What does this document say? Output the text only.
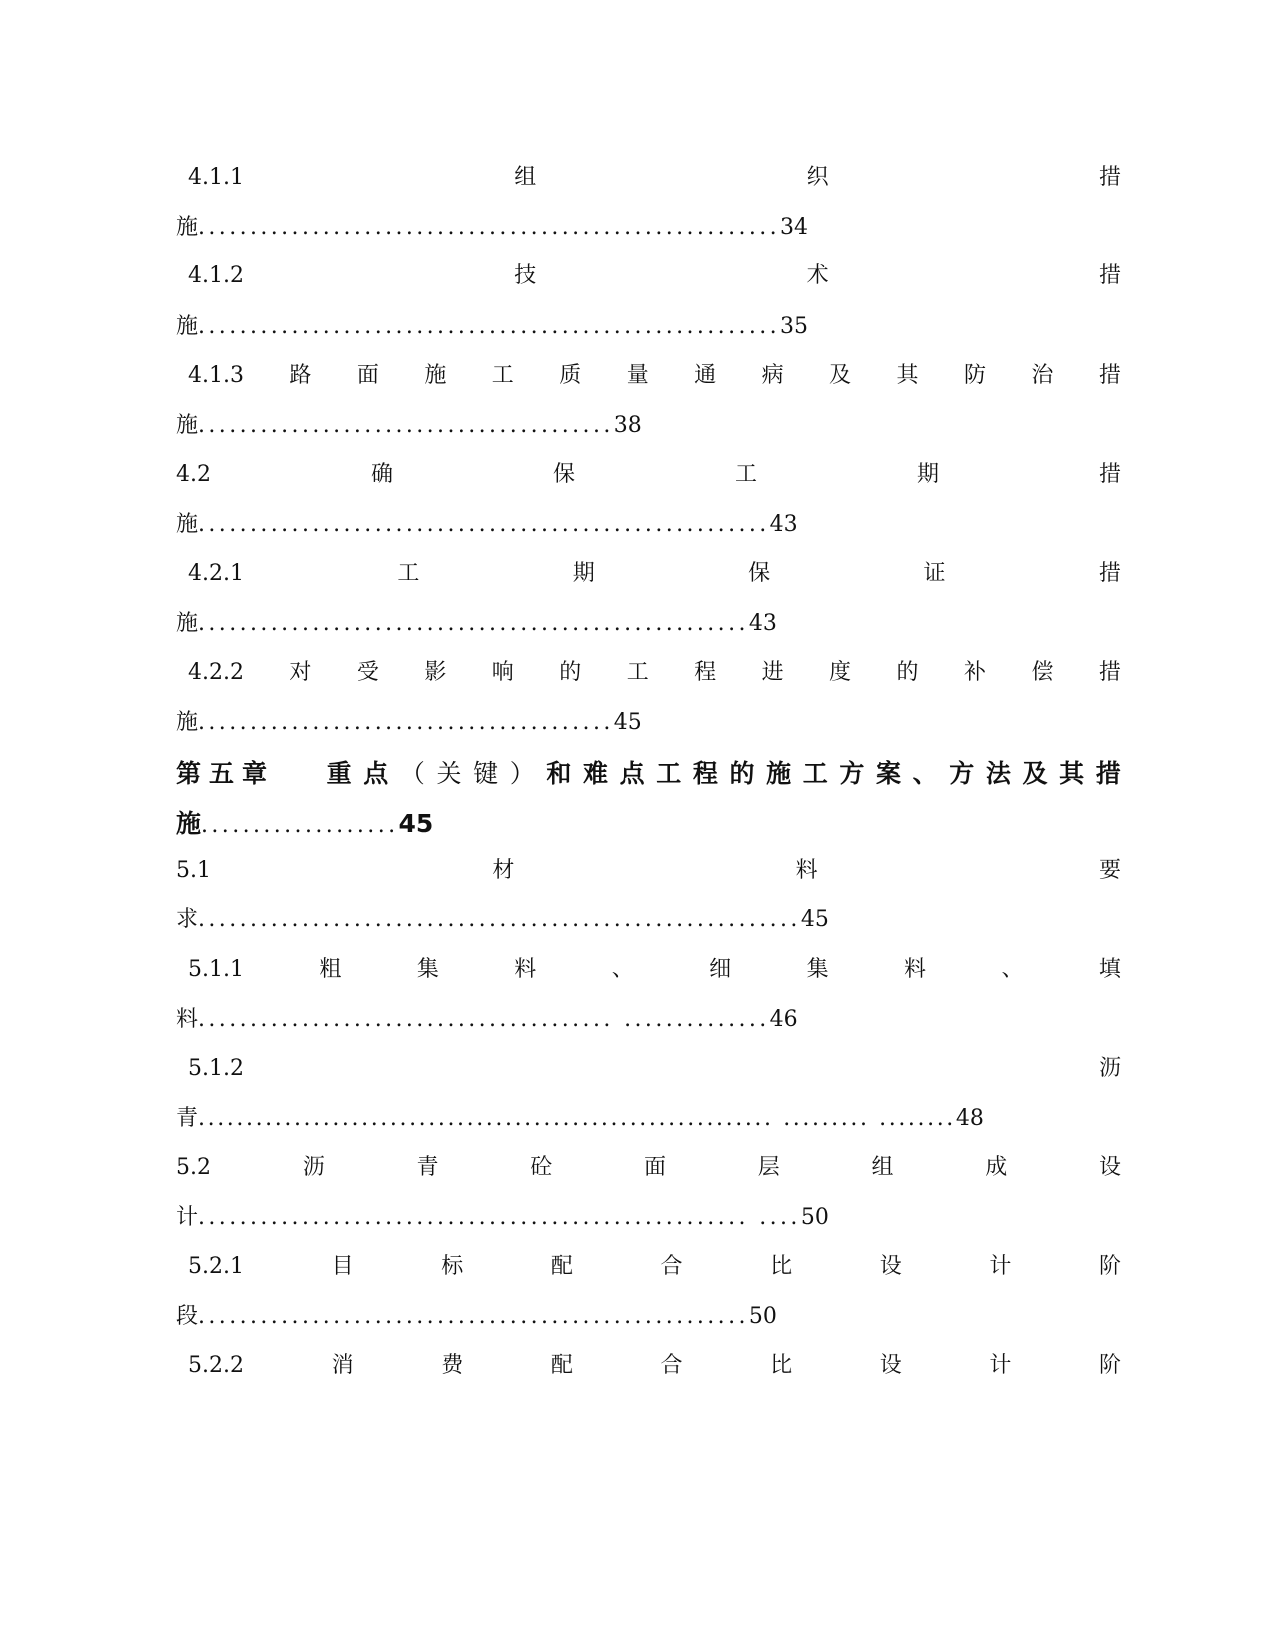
4.1.1	组	织	措
施........................................................34
4.1.2	技	术	措
施........................................................35
4.1.3 路 面 施 工 质 量 通 病 及 其 防 治 措
施........................................38
4.2	确	保	工	期	措
施.......................................................43
4.2.1	工	期	保	证	措
施.....................................................43
4.2.2 对 受 影 响 的 工 程 进 度 的 补 偿 措
施........................................45
第五章 重 点 （ 关 键 ） 和 难 点 工 程 的 施 工 方 案 、 方 法 及 其 措
施...................45
5.1	材	料	要
求..........................................................45
5.1.1	粗	集	料	、	细	集	料	、	填
料........................................ ..............46
5.1.2	沥
青............................................................ ......... ........48
5.2	沥	青	砼	面	层	组	成	设
计..................................................... ....50
5.2.1	目	标	配	合	比	设	计	阶
段.....................................................50
5.2.2	消	费	配	合	比	设	计	阶
